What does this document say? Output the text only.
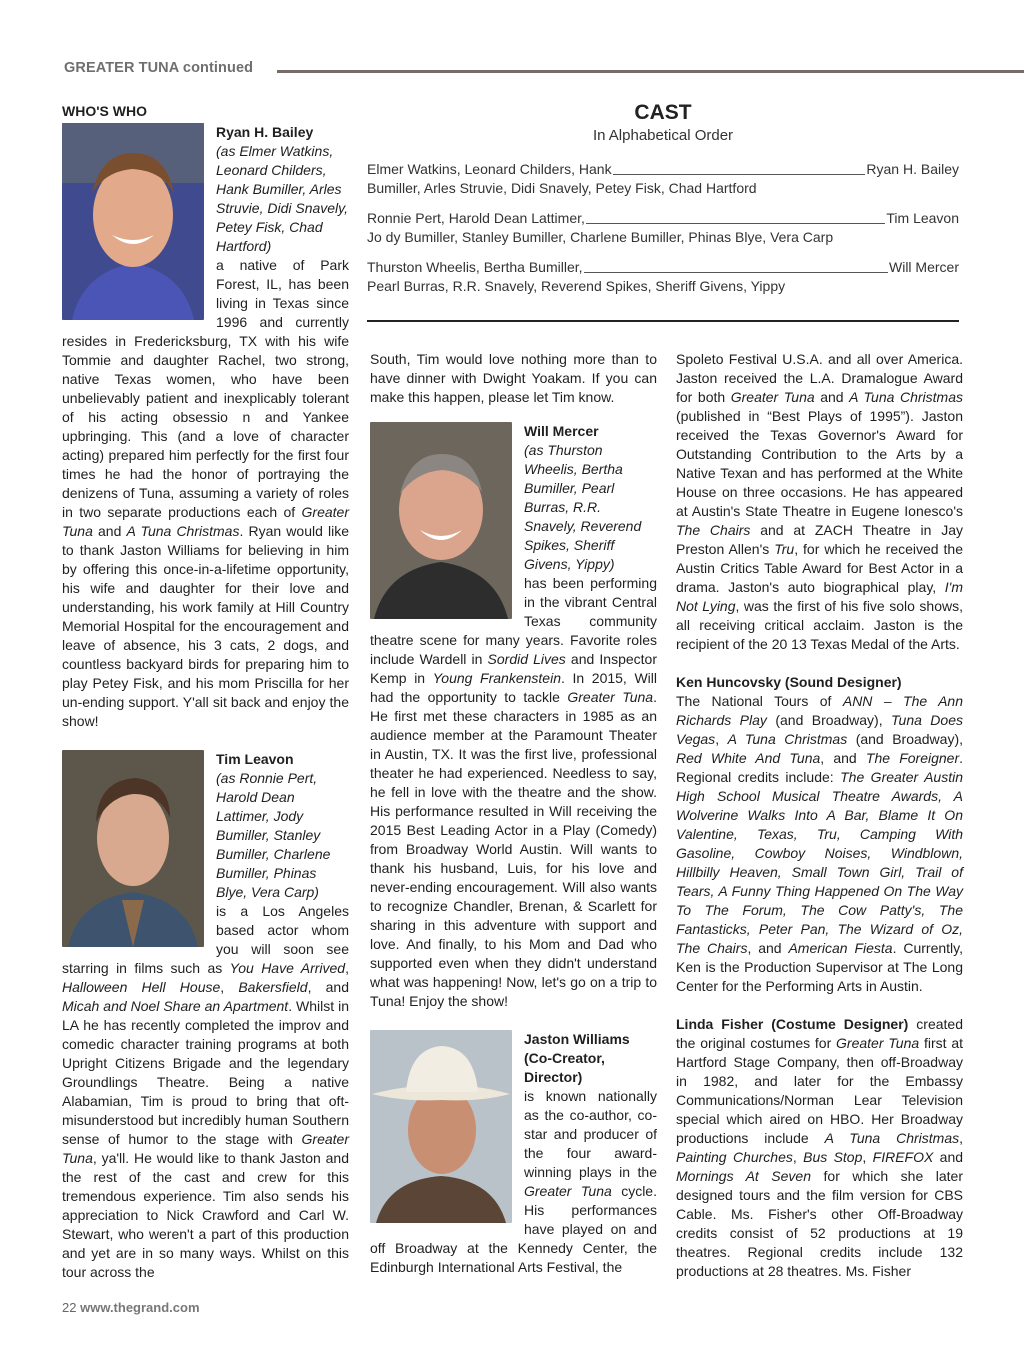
GREATER TUNA continued
CAST
In Alphabetical Order
Elmer Watkins, Leonard Childers, Hank	Ryan H. Bailey
Bumiller, Arles Struvie, Didi Snavely, Petey Fisk, Chad Hartford
Ronnie Pert, Harold Dean Lattimer,	Tim Leavon
Jo dy Bumiller, Stanley Bumiller, Charlene Bumiller, Phinas Blye, Vera Carp
Thurston Wheelis, Bertha Bumiller,	Will Mercer
Pearl Burras, R.R. Snavely, Reverend Spikes, Sheriff Givens, Yippy
WHO'S WHO
Ryan H. Bailey
(as Elmer Watkins, Leonard Childers, Hank Bumiller, Arles Struvie, Didi Snavely, Petey Fisk, Chad Hartford)

a native of Park Forest, IL, has been living in Texas since 1996 and currently resides in Fredericksburg, TX with his wife Tommie and daughter Rachel, two strong, native Texas women, who have been unbelievably patient and inexplicably tolerant of his acting obsessio n and Yankee upbringing. This (and a love of character acting) prepared him perfectly for the first four times he had the honor of portraying the denizens of Tuna, assuming a variety of roles in two separate productions each of Greater Tuna and A Tuna Christmas. Ryan would like to thank Jaston Williams for believing in him by offering this once-in-a-lifetime opportunity, his wife and daughter for their love and understanding, his work family at Hill Country Memorial Hospital for the encouragement and leave of absence, his 3 cats, 2 dogs, and countless backyard birds for preparing him to play Petey Fisk, and his mom Priscilla for her un-ending support. Y'all sit back and enjoy the show!

Tim Leavon
(as Ronnie Pert, Harold Dean Lattimer, Jody Bumiller, Stanley Bumiller, Charlene Bumiller, Phinas Blye, Vera Carp)

is a Los Angeles based actor whom you will soon see starring in films such as You Have Arrived, Halloween Hell House, Bakersfield, and Micah and Noel Share an Apartment. Whilst in LA he has recently completed the improv and comedic character training programs at both Upright Citizens Brigade and the legendary Groundlings Theatre. Being a native Alabamian, Tim is proud to bring that oft-misunderstood but incredibly human Southern sense of humor to the stage with Greater Tuna, ya'll. He would like to thank Jaston and the rest of the cast and crew for this tremendous experience. Tim also sends his appreciation to Nick Crawford and Carl W. Stewart, who weren't a part of this production and yet are in so many ways. Whilst on this tour across the

South, Tim would love nothing more than to have dinner with Dwight Yoakam. If you can make this happen, please let Tim know.

Will Mercer
(as Thurston Wheelis, Bertha Bumiller, Pearl Burras, R.R. Snavely, Reverend Spikes, Sheriff Givens, Yippy)

has been performing in the vibrant Central Texas community theatre scene for many years. Favorite roles include Wardell in Sordid Lives and Inspector Kemp in Young Frankenstein. In 2015, Will had the opportunity to tackle Greater Tuna. He first met these characters in 1985 as an audience member at the Paramount Theater in Austin, TX. It was the first live, professional theater he had experienced. Needless to say, he fell in love with the theatre and the show. His performance resulted in Will receiving the 2015 Best Leading Actor in a Play (Comedy) from Broadway World Austin. Will wants to thank his husband, Luis, for his love and never-ending encouragement. Will also wants to recognize Chandler, Brenan, & Scarlett for sharing in this adventure with support and love. And finally, to his Mom and Dad who supported even when they didn't understand what was happening! Now, let's go on a trip to Tuna! Enjoy the show!

Jaston Williams (Co-Creator, Director)

is known nationally as the co-author, co-star and producer of the four award-winning plays in the Greater Tuna cycle. His performances have played on and off Broadway at the Kennedy Center, the Edinburgh International Arts Festival, the

Spoleto Festival U.S.A. and all over America. Jaston received the L.A. Dramalogue Award for both Greater Tuna and A Tuna Christmas (published in “Best Plays of 1995”). Jaston received the Texas Governor's Award for Outstanding Contribution to the Arts by a Native Texan and has performed at the White House on three occasions. He has appeared at Austin's State Theatre in Eugene Ionesco's The Chairs and at ZACH Theatre in Jay Preston Allen's Tru, for which he received the Austin Critics Table Award for Best Actor in a drama. Jaston's auto biographical play, I'm Not Lying, was the first of his five solo shows, all receiving critical acclaim. Jaston is the recipient of the 20 13 Texas Medal of the Arts.

Ken Huncovsky (Sound Designer)

The National Tours of ANN – The Ann Richards Play (and Broadway), Tuna Does Vegas, A Tuna Christmas (and Broadway), Red White And Tuna, and The Foreigner. Regional credits include: The Greater Austin High School Musical Theatre Awards, A Wolverine Walks Into A Bar, Blame It On Valentine, Texas, Tru, Camping With Gasoline, Cowboy Noises, Windblown, Hillbilly Heaven, Small Town Girl, Trail of Tears, A Funny Thing Happened On The Way To The Forum, The Cow Patty's, The Fantasticks, Peter Pan, The Wizard of Oz, The Chairs, and American Fiesta. Currently, Ken is the Production Supervisor at The Long Center for the Performing Arts in Austin.

Linda Fisher (Costume Designer) created the original costumes for Greater Tuna first at Hartford Stage Company, then off-Broadway in 1982, and later for the Embassy Communications/Norman Lear Television special which aired on HBO. Her Broadway productions include A Tuna Christmas, Painting Churches, Bus Stop, FIREFOX and Mornings At Seven for which she later designed tours and the film version for CBS Cable. Ms. Fisher's other Off-Broadway credits consist of 52 productions at 19 theatres. Regional credits include 132 productions at 28 theatres. Ms. Fisher

22 www.thegrand.com
